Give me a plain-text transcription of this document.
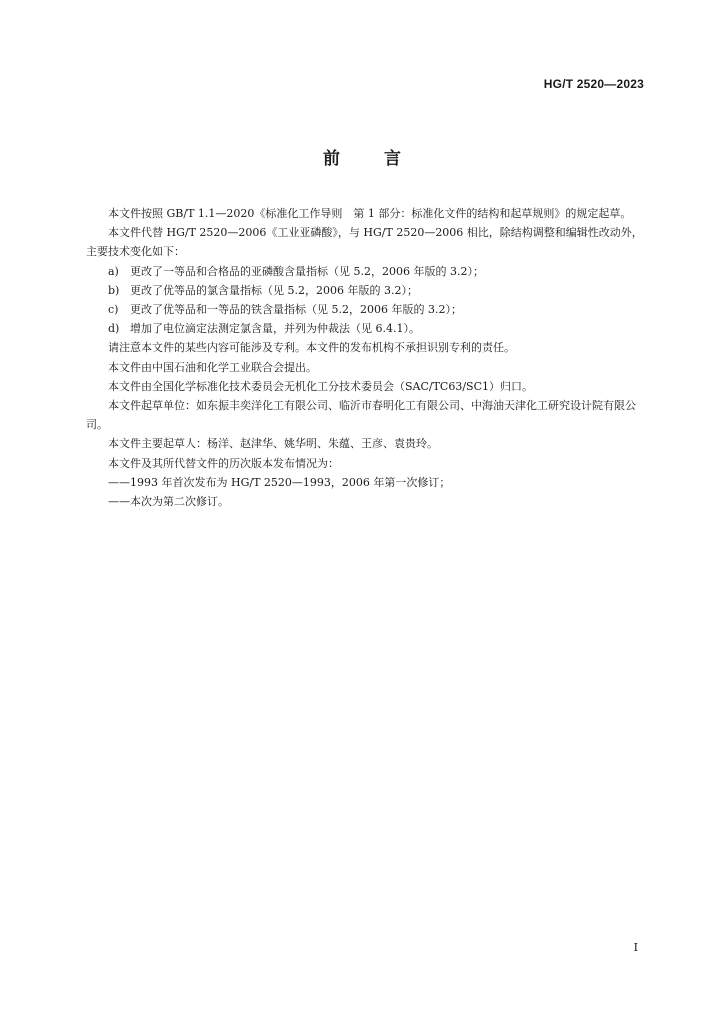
HG/T 2520—2023
前言

本文件按照 GB/T 1.1—2020《标准化工作导则　第 1 部分：标准化文件的结构和起草规则》的规定起草。

本文件代替 HG/T 2520—2006《工业亚磷酸》，与 HG/T 2520—2006 相比，除结构调整和编辑性改动外，主要技术变化如下：

a) 更改了一等品和合格品的亚磷酸含量指标（见 5.2，2006 年版的 3.2）；

b) 更改了优等品的氯含量指标（见 5.2，2006 年版的 3.2）；

c) 更改了优等品和一等品的铁含量指标（见 5.2，2006 年版的 3.2）；

d) 增加了电位滴定法测定氯含量，并列为仲裁法（见 6.4.1）。

请注意本文件的某些内容可能涉及专利。本文件的发布机构不承担识别专利的责任。

本文件由中国石油和化学工业联合会提出。

本文件由全国化学标准化技术委员会无机化工分技术委员会（SAC/TC63/SC1）归口。

本文件起草单位：如东振丰奕洋化工有限公司、临沂市春明化工有限公司、中海油天津化工研究设计院有限公司。

本文件主要起草人：杨洋、赵津华、姚华明、朱蕴、王彦、袁贵玲。

本文件及其所代替文件的历次版本发布情况为：

——1993 年首次发布为 HG/T 2520—1993，2006 年第一次修订；

——本次为第二次修订。

I
